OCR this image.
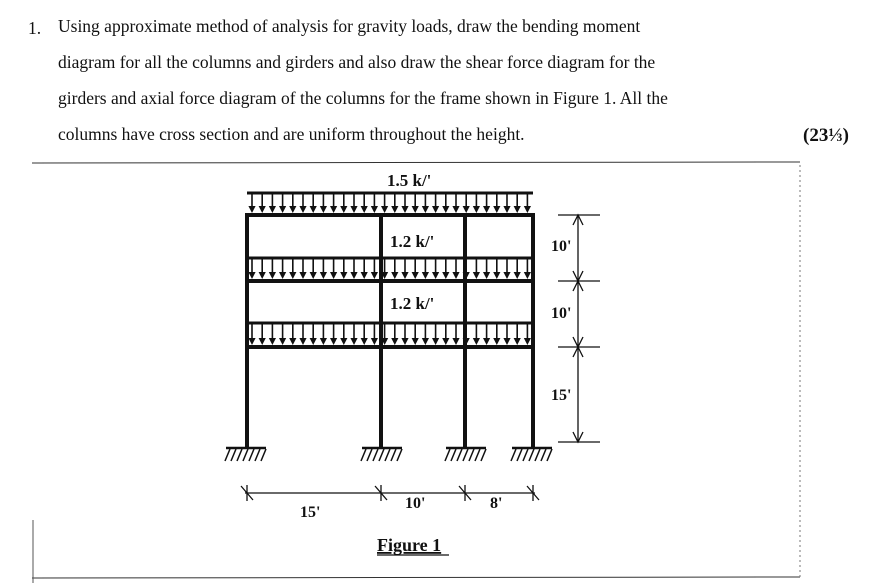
1. Using approximate method of analysis for gravity loads, draw the bending moment
diagram for all the columns and girders and also draw the shear force diagram for the
girders and axial force diagram of the columns for the frame shown in Figure 1. All the
columns have cross section and are uniform throughout the height.	(23⅓)
1.5 k/'
1.2 k/'
1.2 k/'
10'
10'
15'
15'
10'	8'
Figure 1
